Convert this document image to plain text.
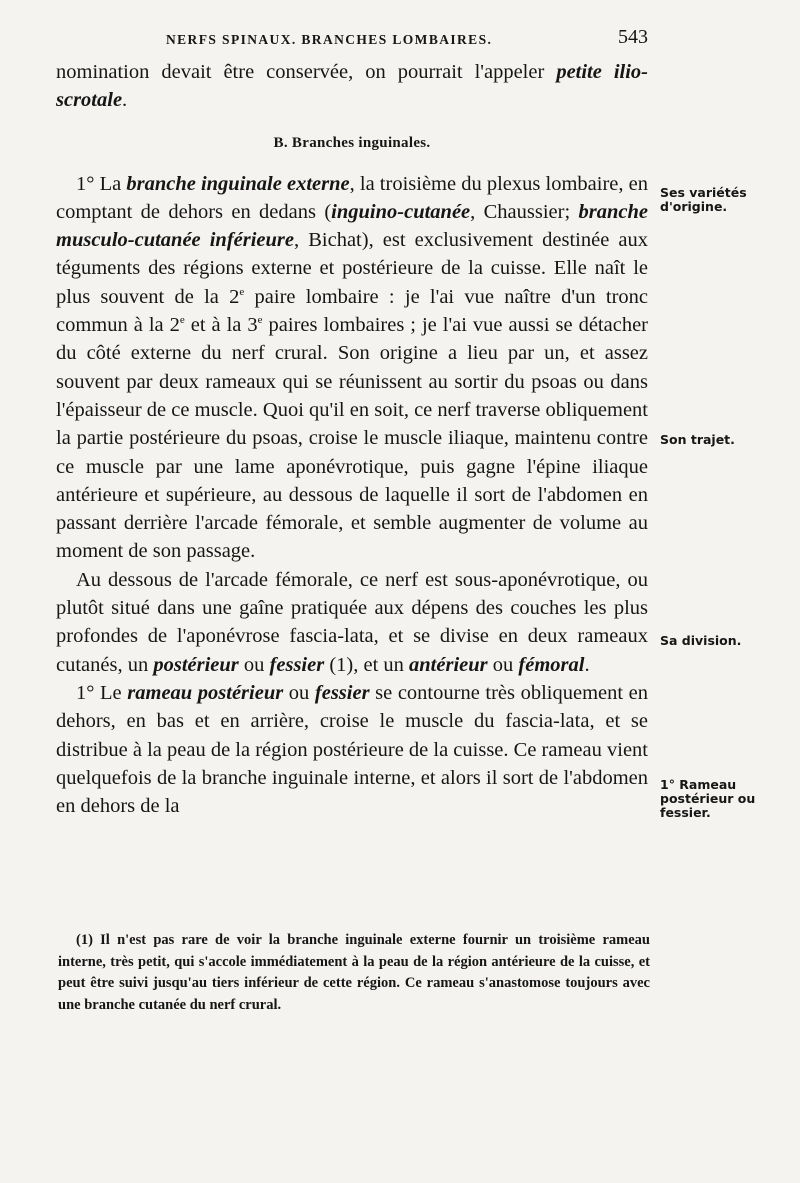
NERFS SPINAUX. BRANCHES LOMBAIRES.	543

nomination devait être conservée, on pourrait l'appeler petite ilio-scrotale.

B. Branches inguinales.

1° La branche inguinale externe, la troisième du plexus lombaire, en comptant de dehors en dedans (inguino-cutanée, Chaussier; branche musculo-cutanée inférieure, Bichat), est exclusivement destinée aux téguments des régions externe et postérieure de la cuisse. Elle naît le plus souvent de la 2e paire lombaire : je l'ai vue naître d'un tronc commun à la 2e et à la 3e paires lombaires ; je l'ai vue aussi se détacher du côté externe du nerf crural. Son origine a lieu par un, et assez souvent par deux rameaux qui se réunissent au sortir du psoas ou dans l'épaisseur de ce muscle. Quoi qu'il en soit, ce nerf traverse obliquement la partie postérieure du psoas, croise le muscle iliaque, maintenu contre ce muscle par une lame aponévrotique, puis gagne l'épine iliaque antérieure et supérieure, au dessous de laquelle il sort de l'abdomen en passant derrière l'arcade fémorale, et semble augmenter de volume au moment de son passage.

Au dessous de l'arcade fémorale, ce nerf est sous-aponévrotique, ou plutôt situé dans une gaîne pratiquée aux dépens des couches les plus profondes de l'aponévrose fascia-lata, et se divise en deux rameaux cutanés, un postérieur ou fessier (1), et un antérieur ou fémoral.

1° Le rameau postérieur ou fessier se contourne très obliquement en dehors, en bas et en arrière, croise le muscle du fascia-lata, et se distribue à la peau de la région postérieure de la cuisse. Ce rameau vient quelquefois de la branche inguinale interne, et alors il sort de l'abdomen en dehors de la

Ses variétés d'origine.
Son trajet.
Sa division.
1° Rameau postérieur ou fessier.

(1) Il n'est pas rare de voir la branche inguinale externe fournir un troisième rameau interne, très petit, qui s'accole immédiatement à la peau de la région antérieure de la cuisse, et peut être suivi jusqu'au tiers inférieur de cette région. Ce rameau s'anastomose toujours avec une branche cutanée du nerf crural.
